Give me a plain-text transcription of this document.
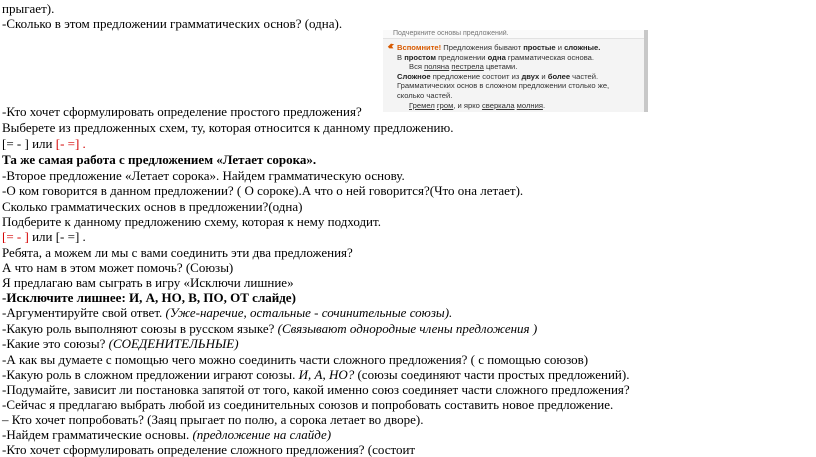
прыгает).
-Сколько в этом предложении грамматических основ? (одна).
Подчеркните основы предложений.
Вспомните! Предложения бывают простые и сложные.
В простом предложении одна грамматическая основа.
Вся поляна пестрела цветами.
Сложное предложение состоит из двух и более частей.
Грамматических основ в сложном предложении столько же,
сколько частей.
Гремел гром, и ярко сверкала молния.
-Кто хочет сформулировать определение простого предложения?
Выберете из предложенных схем, ту, которая относится к данному предложению.
[= - ] или [- =] .
Та же самая работа с предложением «Летает сорока».
-Второе предложение «Летает сорока». Найдем грамматическую основу.
-О ком говорится в данном предложении? ( О сороке).А что о ней говорится?(Что она летает).
Сколько грамматических основ в предложении?(одна)
Подберите к данному предложению схему, которая к нему подходит.
[= - ] или [- =] .
Ребята, а можем ли мы с вами соединить эти два предложения?
А что нам в этом может помочь? (Союзы)
Я предлагаю вам сыграть в игру «Исключи лишние»
-Исключите лишнее: И, А, НО, В, ПО, ОТ слайде)
-Аргументируйте свой ответ. (Уже-наречие, остальные - сочинительные союзы).
-Какую роль выполняют союзы в русском языке? (Связывают однородные члены предложения )
-Какие это союзы? (СОЕДЕНИТЕЛЬНЫЕ)
-А как вы думаете с помощью чего можно соединить части сложного предложения? ( с помощью союзов)
-Какую роль в сложном предложении играют союзы. И, А, НО? (союзы соединяют части простых предложений).
-Подумайте, зависит ли постановка запятой от того, какой именно союз соединяет части сложного предложения?
-Сейчас я предлагаю выбрать любой из соединительных союзов и попробовать составить новое предложение.
– Кто хочет попробовать? (Заяц прыгает по полю, а сорока летает во дворе).
-Найдем грамматические основы. (предложение на слайде)
-Кто хочет сформулировать определение сложного предложения? (состоит
